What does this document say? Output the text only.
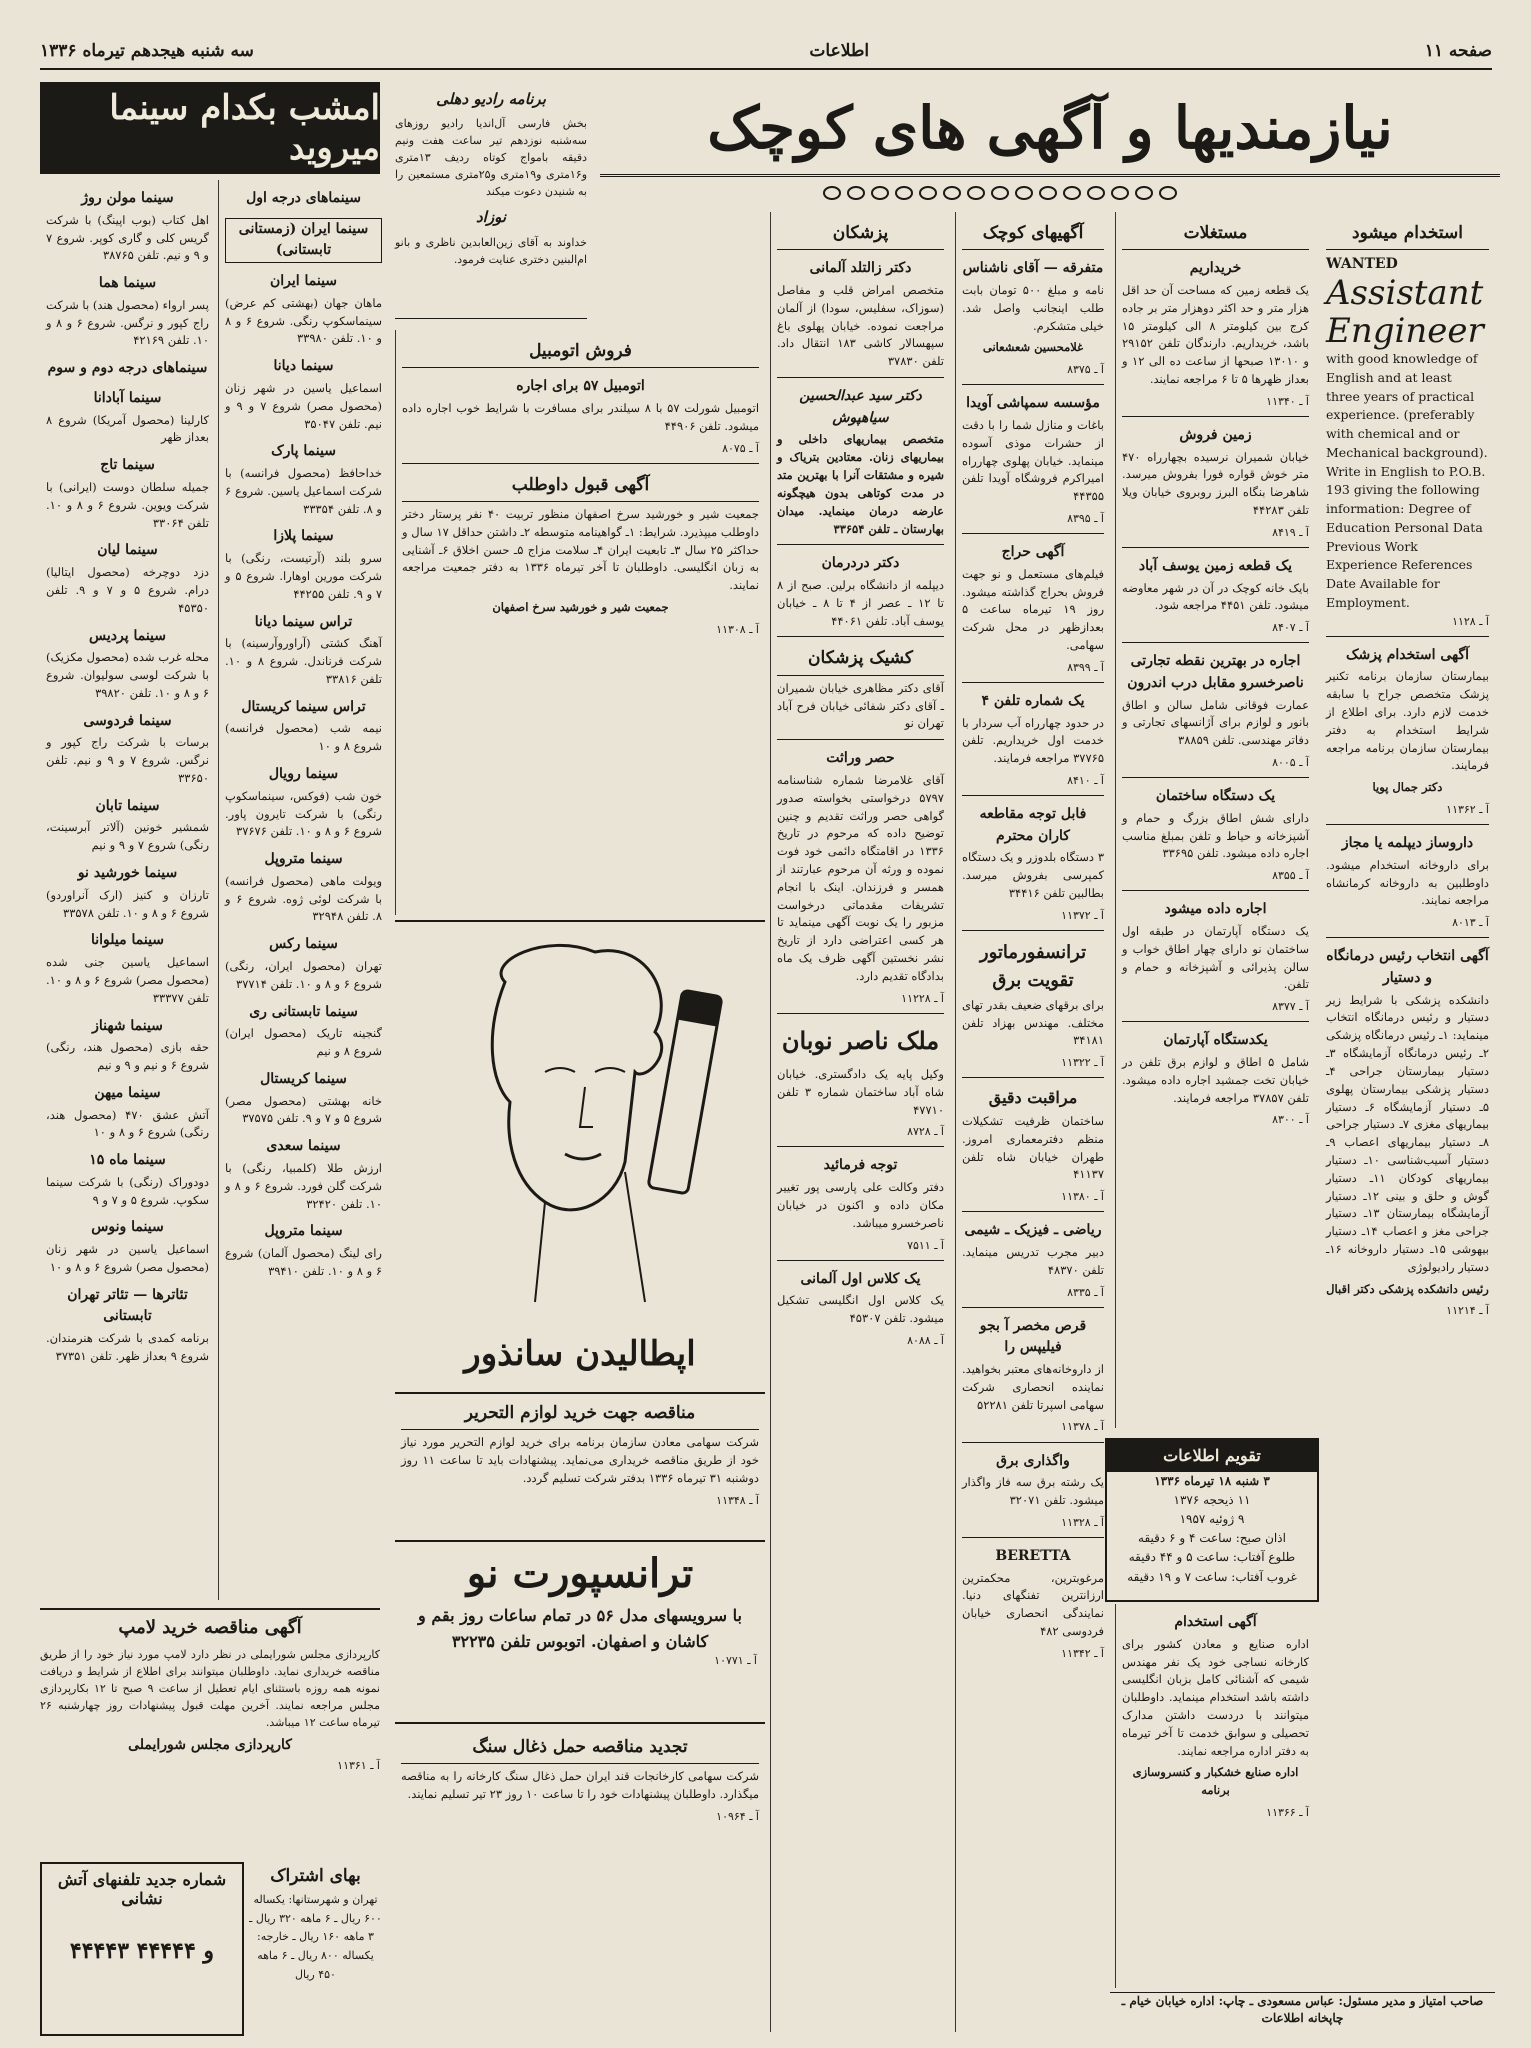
صفحه ۱۱
اطلاعات
سه شنبه هیجدهم تیرماه ۱۳۳۶
نیازمندیها و آگهی های کوچک
امشب بکدام سینما میروید
برنامه رادیو دهلی

بخش فارسی آل‌اندیا رادیو روزهای سه‌شنبه نوزدهم تیر ساعت هفت ونیم دقیقه بامواج کوتاه ردیف ۱۳‌متری و۱۶‌متری و۱۹‌متری و۲۵‌متری مستمعین را به شنیدن دعوت میکند

نوزاد

خداوند به آقای زین‌العابدین ناظری و بانو ام‌البنین دختری عنایت فرمود.

استخدام میشود
WANTED
Assistant Engineer
with good knowledge of English and at least three years of practical experience. (preferably with chemical and or Mechanical background). Write in English to P.O.B. 193 giving the following information: Degree of Education Personal Data Previous Work Experience References Date Available for Employment.
آ ـ ۱۱۲۸
آگهی استخدام پزشک

بیمارستان سازمان برنامه تکنیر پزشک متخصص جراح با سابقه خدمت لازم دارد. برای اطلاع از شرایط استخدام به دفتر بیمارستان سازمان برنامه مراجعه فرمایند.

دکتر جمال پویا

آ ـ ۱۱۳۶۲
داروساز دیپلمه یا مجاز

برای داروخانه استخدام میشود. داوطلبین به داروخانه کرمانشاه مراجعه نمایند.

آ ـ ۸۰۱۳
آگهی انتخاب رئیس درمانگاه و دستیار

دانشکده پزشکی با شرایط زیر دستیار و رئیس درمانگاه انتخاب مینماید: ۱ـ رئیس درمانگاه پزشکی ۲ـ رئیس درمانگاه آزمایشگاه ۳ـ دستیار بیمارستان جراحی ۴ـ دستیار پزشکی بیمارستان پهلوی ۵ـ دستیار آزمایشگاه ۶ـ دستیار بیماریهای مغزی ۷ـ دستیار جراحی ۸ـ دستیار بیماریهای اعصاب ۹ـ دستیار آسیب‌شناسی ۱۰ـ دستیار بیماریهای کودکان ۱۱ـ دستیار گوش و حلق و بینی ۱۲ـ دستیار آزمایشگاه بیمارستان ۱۳ـ دستیار جراحی مغز و اعصاب ۱۴ـ دستیار بیهوشی ۱۵ـ دستیار داروخانه ۱۶ـ دستیار رادیولوژی

رئیس دانشکده پزشکی دکتر اقبال

آ ـ ۱۱۲۱۴
مستغلات
خریداریم

یک قطعه زمین که مساحت آن حد اقل هزار متر و حد اکثر دوهزار متر بر جاده کرج بین کیلومتر ۸ الی کیلومتر ۱۵ باشد، خریداریم. دارندگان تلفن ۲۹۱۵۲ و ۱۳۰۱۰ صبحها از ساعت ده الی ۱۲ و بعداز ظهرها ۵ تا ۶ مراجعه نمایند.

آ ـ ۱۱۳۴۰
زمین فروش

خیابان شمیران نرسیده بچهارراه ۴۷۰ متر خوش قواره فورا بفروش میرسد. شاهرضا بنگاه البرز روبروی خیابان ویلا تلفن ۴۴۲۸۳

آ ـ ۸۴۱۹
یک قطعه زمین یوسف آباد

بایک خانه کوچک در آن در شهر معاوضه میشود. تلفن ۴۴۵۱ مراجعه شود.

آ ـ ۸۴۰۷
اجاره در بهترین نقطه تجارتی ناصرخسرو مقابل درب اندرون

عمارت فوقانی شامل سالن و اطاق بانور و لوازم برای آژانسهای تجارتی و دفاتر مهندسی. تلفن ۳۸۸۵۹

آ ـ ۸۰۰۵
یک دستگاه ساختمان

دارای شش اطاق بزرگ و حمام و آشپزخانه و حیاط و تلفن بمبلغ مناسب اجاره داده میشود. تلفن ۳۳۶۹۵

آ ـ ۸۳۵۵
اجاره داده میشود

یک دستگاه آپارتمان در طبقه اول ساختمان نو دارای چهار اطاق خواب و سالن پذیرائی و آشپزخانه و حمام و تلفن.

آ ـ ۸۳۷۷
یکدستگاه آپارتمان

شامل ۵ اطاق و لوازم برق تلفن در خیابان تخت جمشید اجاره داده میشود. تلفن ۳۷۸۵۷ مراجعه فرمایند.

آ ـ ۸۳۰۰
تقویم اطلاعات
۳ شنبه ۱۸ تیرماه ۱۳۳۶
۱۱ ذیحجه ۱۳۷۶
۹ ژوئیه ۱۹۵۷
اذان صبح: ساعت ۴ و ۶ دقیقه
طلوع آفتاب: ساعت ۵ و ۴۴ دقیقه
غروب آفتاب: ساعت ۷ و ۱۹ دقیقه
آگهی استخدام

اداره صنایع و معادن کشور برای کارخانه نساجی خود یک نفر مهندس شیمی که آشنائی کامل بزبان انگلیسی داشته باشد استخدام مینماید. داوطلبان میتوانند با دردست داشتن مدارک تحصیلی و سوابق خدمت تا آخر تیرماه به دفتر اداره مراجعه نمایند.

اداره صنایع خشکبار و کنسروسازی برنامه

آ ـ ۱۱۳۶۶
صاحب امتیاز و مدیر مسئول: عباس مسعودی ـ چاپ: اداره خیابان خیام ـ چاپخانه اطلاعات
آگهیهای کوچک
متفرقه — آقای ناشناس

نامه و مبلغ ۵۰۰ تومان بابت طلب اینجانب واصل شد. خیلی متشکرم.

غلامحسین شعشعانی

آ ـ ۸۳۷۵
مؤسسه سمپاشی آویدا

باغات و منازل شما را با دقت از حشرات موذی آسوده مینماید. خیابان پهلوی چهارراه امیراکرم فروشگاه آویدا تلفن ۴۴۳۵۵

آ ـ ۸۳۹۵
آگهی حراج

فیلم‌های مستعمل و نو جهت فروش بحراج گذاشته میشود. روز ۱۹ تیرماه ساعت ۵ بعدازظهر در محل شرکت سهامی.

آ ـ ۸۳۹۹
یک شماره تلفن ۴

در حدود چهارراه آب سردار با خدمت اول خریداریم. تلفن ۳۷۷۶۵ مراجعه فرمایند.

آ ـ ۸۴۱۰
فابل توجه مقاطعه کاران محترم

۳ دستگاه بلدوزر و یک دستگاه کمپرسی بفروش میرسد. بطالبین تلفن ۳۴۴۱۶

آ ـ ۱۱۳۷۲
ترانسفورماتور تقویت برق

برای برقهای ضعیف بقدر تهای مختلف. مهندس بهزاد تلفن ۳۴۱۸۱

آ ـ ۱۱۳۲۲
مراقبت دقیق

ساختمان ظرفیت تشکیلات منظم دفترمعماری امروز. طهران خیابان شاه تلفن ۴۱۱۳۷

آ ـ ۱۱۳۸۰
ریاضی ـ فیزیک ـ شیمی

دبیر مجرب تدریس مینماید. تلفن ۴۸۳۷۰

آ ـ ۸۳۳۵
قرص مخصر آ بجو فیلیپس را

از داروخانه‌های معتبر بخواهید. نماینده انحصاری شرکت سهامی اسپرتا تلفن ۵۲۲۸۱

آ ـ ۱۱۳۷۸
واگذاری برق

یک رشته برق سه فاز واگذار میشود. تلفن ۳۲۰۷۱

آ ـ ۱۱۳۲۸
BERETTA

مرغوبترین، محکمترین ارزانترین تفنگهای دنیا. نمایندگی انحصاری خیابان فردوسی ۴۸۲

آ ـ ۱۱۳۴۲
پزشکان
دکتر زالتلد آلمانی

متخصص امراض قلب و مفاصل (سوزاک، سفلیس، سودا) از آلمان مراجعت نموده. خیابان پهلوی باغ سپهسالار کاشی ۱۸۳ انتقال داد. تلفن ۳۷۸۳۰

دکتر سید عبدالحسین سیاهپوش

متخصص بیماریهای داخلی و بیماریهای زنان. معتادین بتریاک و شیره و مشتقات آنرا با بهترین متد در مدت کوتاهی بدون هیچگونه عارضه درمان مینماید. میدان بهارستان ـ تلفن ۳۳۶۵۴

دکتر دردرمان

دیپلمه از دانشگاه برلین. صبح از ۸ تا ۱۲ ـ عصر از ۴ تا ۸ ـ خیابان یوسف آباد. تلفن ۴۴۰۶۱

کشیک پزشکان

آقای دکتر مظاهری خیابان شمیران ـ آقای دکتر شفائی خیابان فرح آباد تهران نو

حصر وراثت

آقای غلامرضا شماره شناسنامه ۵۷۹۷ درخواستی بخواسته صدور گواهی حصر وراثت تقدیم و چنین توضیح داده که مرحوم در تاریخ ۱۳۳۶ در اقامتگاه دائمی خود فوت نموده و ورثه آن مرحوم عبارتند از همسر و فرزندان. اینک با انجام تشریفات مقدماتی درخواست مزبور را یک نوبت آگهی مینماید تا هر کسی اعتراضی دارد از تاریخ نشر نخستین آگهی ظرف یک ماه بدادگاه تقدیم دارد.

آ ـ ۱۱۲۲۸
ملک ناصر نوبان

وکیل پایه یک دادگستری. خیابان شاه آباد ساختمان شماره ۳ تلفن ۴۷۷۱۰

آ ـ ۸۷۲۸
توجه فرمائید

دفتر وکالت علی پارسی پور تغییر مکان داده و اکنون در خیابان ناصرخسرو میباشد.

آ ـ ۷۵۱۱
یک کلاس اول آلمانی

یک کلاس اول انگلیسی تشکیل میشود. تلفن ۴۵۳۰۷

آ ـ ۸۰۸۸
فروش اتومبیل
اتومبیل ۵۷ برای اجاره

اتومبیل شورلت ۵۷ با ۸ سیلندر برای مسافرت با شرایط خوب اجاره داده میشود. تلفن ۴۴۹۰۶

آ ـ ۸۰۷۵
آگهی قبول داوطلب

جمعیت شیر و خورشید سرخ اصفهان منظور تربیت ۴۰ نفر پرستار دختر داوطلب میپذیرد. شرایط: ۱ـ گواهینامه متوسطه ۲ـ داشتن حداقل ۱۷ سال و حداکثر ۲۵ سال ۳ـ تابعیت ایران ۴ـ سلامت مزاج ۵ـ حسن اخلاق ۶ـ آشنایی به زبان انگلیسی. داوطلبان تا آخر تیرماه ۱۳۳۶ به دفتر جمعیت مراجعه نمایند.

جمعیت شیر و خورشید سرخ اصفهان

آ ـ ۱۱۳۰۸
اپطالیدن سانذور
مناقصه جهت خرید لوازم التحریر

شرکت سهامی معادن سازمان برنامه برای خرید لوازم التحریر مورد نیاز خود از طریق مناقصه خریداری می‌نماید. پیشنهادات باید تا ساعت ۱۱ روز دوشنبه ۳۱ تیرماه ۱۳۳۶ بدفتر شرکت تسلیم گردد.

آ ـ ۱۱۳۴۸
ترانسپورت نو
با سرویسهای مدل ۵۶ در تمام ساعات روز بقم و کاشان و اصفهان. اتوبوس تلفن ۳۲۲۳۵
آ ـ ۱۰۷۷۱
تجدید مناقصه حمل ذغال سنگ

شرکت سهامی کارخانجات قند ایران حمل ذغال سنگ کارخانه را به مناقصه میگذارد. داوطلبان پیشنهادات خود را تا ساعت ۱۰ روز ۲۳ تیر تسلیم نمایند.

آ ـ ۱۰۹۶۴
سینماهای درجه اول
سینما ایران (زمستانی تابستانی)
سینما ایران

ماهان جهان (بهشتی کم عرض) سینماسکوپ رنگی. شروع ۶ و ۸ و ۱۰. تلفن ۳۳۹۸۰

سینما دیانا

اسماعیل یاسین در شهر زنان (محصول مصر) شروع ۷ و ۹ و نیم. تلفن ۳۵۰۴۷

سینما پارک

خداحافظ (محصول فرانسه) با شرکت اسماعیل یاسین. شروع ۶ و ۸. تلفن ۳۳۳۵۴

سینما پلازا

سرو بلند (آرتیست، رنگی) با شرکت مورین اوهارا. شروع ۵ و ۷ و ۹. تلفن ۴۴۲۵۵

تراس سینما دیانا

آهنگ کشتی (آراوروآرسینه) با شرکت فرناندل. شروع ۸ و ۱۰. تلفن ۳۳۸۱۶

تراس سینما کریستال

نیمه شب (محصول فرانسه) شروع ۸ و ۱۰

سینما رویال

خون شب (فوکس، سینماسکوپ رنگی) با شرکت تایرون پاور. شروع ۶ و ۸ و ۱۰. تلفن ۳۷۶۷۶

سینما متروپل

ویولت ماهی (محصول فرانسه) با شرکت لوئی ژوه. شروع ۶ و ۸. تلفن ۳۲۹۴۸

سینما رکس

تهران (محصول ایران، رنگی) شروع ۶ و ۸ و ۱۰. تلفن ۳۷۷۱۴

سینما تابستانی ری

گنجینه تاریک (محصول ایران) شروع ۸ و نیم

سینما کریستال

خانه بهشتی (محصول مصر) شروع ۵ و ۷ و ۹. تلفن ۳۷۵۷۵

سینما سعدی

ارزش طلا (کلمبیا، رنگی) با شرکت گلن فورد. شروع ۶ و ۸ و ۱۰. تلفن ۳۲۴۲۰

سینما متروپل

رای لینگ (محصول آلمان) شروع ۶ و ۸ و ۱۰. تلفن ۳۹۴۱۰

سینما مولن روژ

اهل کتاب (بوب اپینگ) با شرکت گریس کلی و گاری کوپر. شروع ۷ و ۹ و نیم. تلفن ۳۸۷۶۵

سینما هما

پسر ارواء (محصول هند) با شرکت راج کپور و نرگس. شروع ۶ و ۸ و ۱۰. تلفن ۴۲۱۶۹

سینماهای درجه دوم و سوم

سینما آبادانا

کارلینا (محصول آمریکا) شروع ۸ بعداز ظهر

سینما تاج

جمیله سلطان دوست (ایرانی) با شرکت ویوین. شروع ۶ و ۸ و ۱۰. تلفن ۳۳۰۶۴

سینما لیان

دزد دوچرخه (محصول ایتالیا) درام. شروع ۵ و ۷ و ۹. تلفن ۴۵۳۵۰

سینما پردیس

محله غرب شده (محصول مکزیک) با شرکت لوسی سولیوان. شروع ۶ و ۸ و ۱۰. تلفن ۳۹۸۲۰

سینما فردوسی

برسات با شرکت راج کپور و نرگس. شروع ۷ و ۹ و نیم. تلفن ۳۳۶۵۰

سینما تابان

شمشیر خونین (آلاتر آبرسینت، رنگی) شروع ۷ و ۹ و نیم

سینما خورشید نو

تارزان و کنیز (ارک آنراوردو) شروع ۶ و ۸ و ۱۰. تلفن ۳۳۵۷۸

سینما میلوانا

اسماعیل یاسین جنی شده (محصول مصر) شروع ۶ و ۸ و ۱۰. تلفن ۳۳۳۷۷

سینما شهناز

حقه بازی (محصول هند، رنگی) شروع ۶ و نیم و ۹ و نیم

سینما میهن

آتش عشق ۴۷۰ (محصول هند، رنگی) شروع ۶ و ۸ و ۱۰

سینما ماه ۱۵

دودوراک (رنگی) با شرکت سینما سکوپ. شروع ۵ و ۷ و ۹

سینما ونوس

اسماعیل یاسین در شهر زنان (محصول مصر) شروع ۶ و ۸ و ۱۰

تئاترها — تئاتر تهران تابستانی

برنامه کمدی با شرکت هنرمندان. شروع ۹ بعداز ظهر. تلفن ۳۷۳۵۱

آگهی مناقصه خرید لامپ

کارپردازی مجلس شورایملی در نظر دارد لامپ مورد نیاز خود را از طریق مناقصه خریداری نماید. داوطلبان میتوانند برای اطلاع از شرایط و دریافت نمونه همه روزه باستثنای ایام تعطیل از ساعت ۹ صبح تا ۱۲ بکارپردازی مجلس مراجعه نمایند. آخرین مهلت قبول پیشنهادات روز چهارشنبه ۲۶ تیرماه ساعت ۱۲ میباشد.

کارپردازی مجلس شورایملی

آ ـ ۱۱۳۶۱
شماره جدید تلفنهای آتش نشانی
۴۴۴۴۳ و ۴۴۴۴۴
بهای اشتراک
تهران و شهرستانها: یکساله ۶۰۰ ریال ـ ۶ ماهه ۳۲۰ ریال ـ ۳ ماهه ۱۶۰ ریال ـ خارجه: یکساله ۸۰۰ ریال ـ ۶ ماهه ۴۵۰ ریال
